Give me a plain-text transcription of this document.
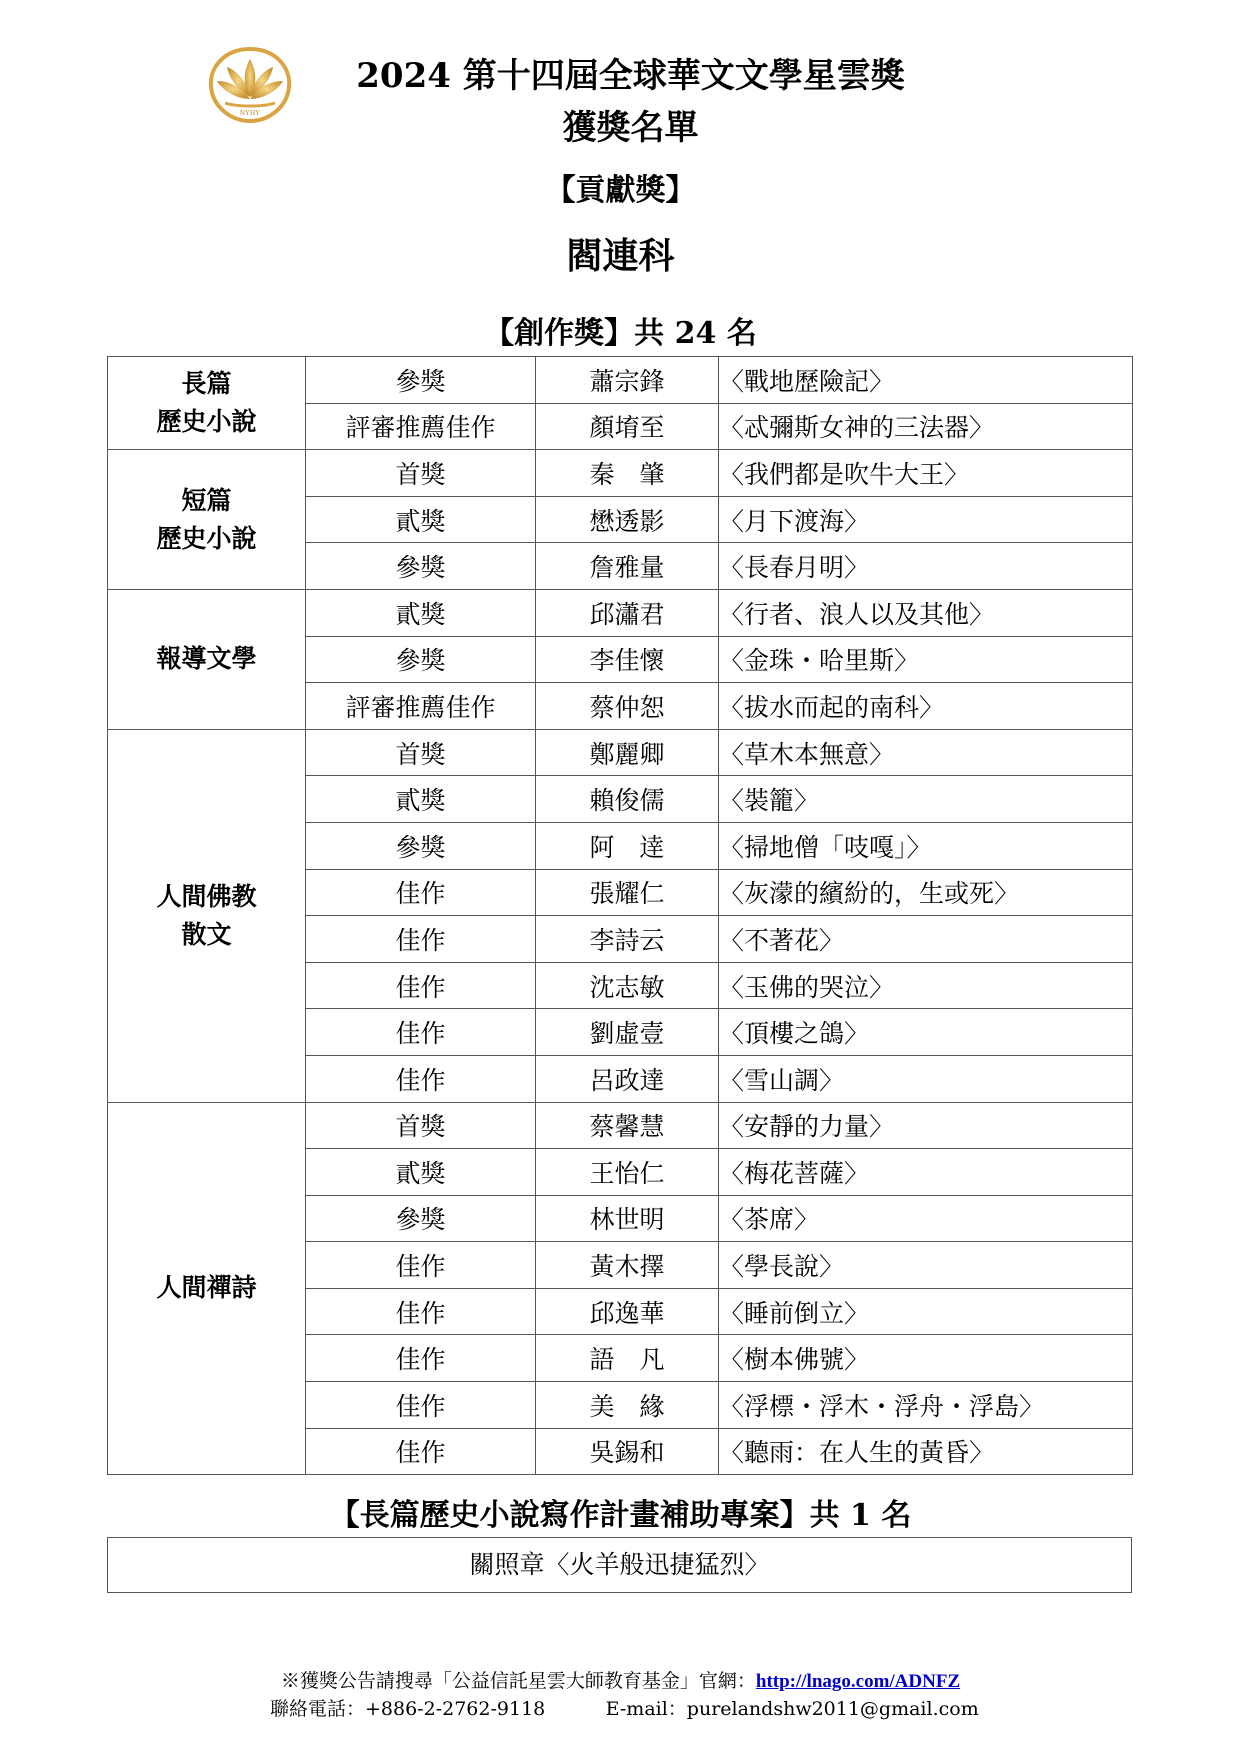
NYHY
2024 第十四屆全球華文文學星雲獎
獲獎名單
【貢獻獎】
閻連科
【創作獎】共 24 名
長篇
歷史小說	參獎	蕭宗鋒	〈戰地歷險記〉
	評審推薦佳作	顏堉至	〈忒彌斯女神的三法器〉
短篇
歷史小說	首獎	秦　肇	〈我們都是吹牛大王〉
	貳獎	懋透影	〈月下渡海〉
	參獎	詹雅量	〈長春月明〉
報導文學	貳獎	邱瀟君	〈行者、浪人以及其他〉
	參獎	李佳懷	〈金珠・哈里斯〉
	評審推薦佳作	蔡仲恕	〈拔水而起的南科〉
人間佛教
散文	首獎	鄭麗卿	〈草木本無意〉
	貳獎	賴俊儒	〈裝籠〉
	參獎	阿　逹	〈掃地僧「吱嘎」〉
	佳作	張耀仁	〈灰濛的繽紛的，生或死〉
	佳作	李詩云	〈不著花〉
	佳作	沈志敏	〈玉佛的哭泣〉
	佳作	劉虛壹	〈頂樓之鴿〉
	佳作	呂政達	〈雪山調〉
人間禪詩	首獎	蔡馨慧	〈安靜的力量〉
	貳獎	王怡仁	〈梅花菩薩〉
	參獎	林世明	〈茶席〉
	佳作	黃木擇	〈學長說〉
	佳作	邱逸華	〈睡前倒立〉
	佳作	語　凡	〈樹本佛號〉
	佳作	美　緣	〈浮標・浮木・浮舟・浮島〉
	佳作	吳錫和	〈聽雨：在人生的黃昏〉
【長篇歷史小說寫作計畫補助專案】共 1 名
關照章〈火羊般迅捷猛烈〉
※獲獎公告請搜尋「公益信託星雲大師教育基金」官網：http://lnago.com/ADNFZ
聯絡電話：+886-2-2762-9118	E-mail：purelandshw2011@gmail.com
